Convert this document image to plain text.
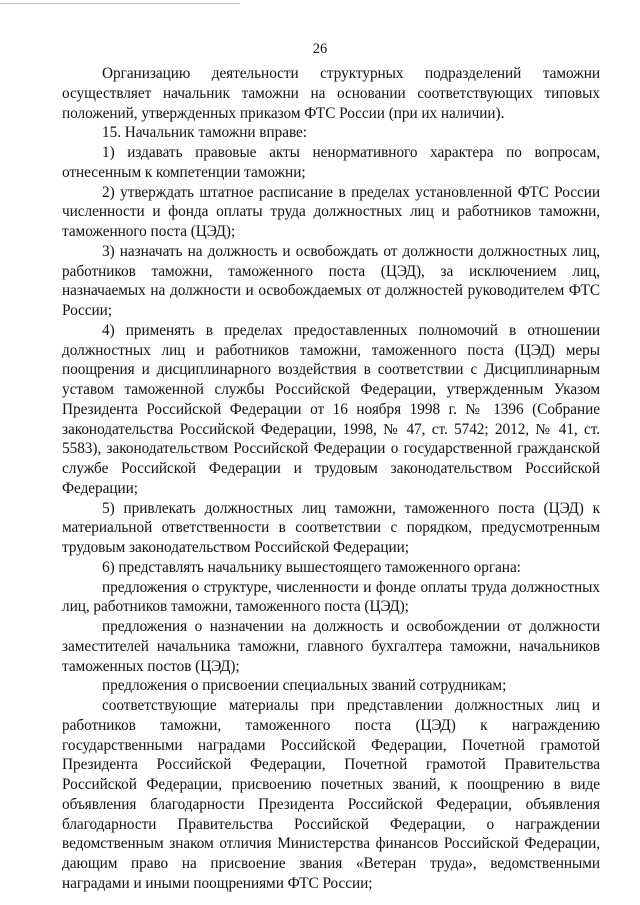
26

Организацию деятельности структурных подразделений таможни осуществляет начальник таможни на основании соответствующих типовых положений, утвержденных приказом ФТС России (при их наличии).

15. Начальник таможни вправе:

1) издавать правовые акты ненормативного характера по вопросам, отнесенным к компетенции таможни;

2) утверждать штатное расписание в пределах установленной ФТС России численности и фонда оплаты труда должностных лиц и работников таможни, таможенного поста (ЦЭД);

3) назначать на должность и освобождать от должности должностных лиц, работников таможни, таможенного поста (ЦЭД), за исключением лиц, назначаемых на должности и освобождаемых от должностей руководителем ФТС России;

4) применять в пределах предоставленных полномочий в отношении должностных лиц и работников таможни, таможенного поста (ЦЭД) меры поощрения и дисциплинарного воздействия в соответствии с Дисциплинарным уставом таможенной службы Российской Федерации, утвержденным Указом Президента Российской Федерации от 16 ноября 1998 г. № 1396 (Собрание законодательства Российской Федерации, 1998, № 47, ст. 5742; 2012, № 41, ст. 5583), законодательством Российской Федерации о государственной гражданской службе Российской Федерации и трудовым законодательством Российской Федерации;

5) привлекать должностных лиц таможни, таможенного поста (ЦЭД) к материальной ответственности в соответствии с порядком, предусмотренным трудовым законодательством Российской Федерации;

6) представлять начальнику вышестоящего таможенного органа:

предложения о структуре, численности и фонде оплаты труда должностных лиц, работников таможни, таможенного поста (ЦЭД);

предложения о назначении на должность и освобождении от должности заместителей начальника таможни, главного бухгалтера таможни, начальников таможенных постов (ЦЭД);

предложения о присвоении специальных званий сотрудникам;

соответствующие материалы при представлении должностных лиц и работников таможни, таможенного поста (ЦЭД) к награждению государственными наградами Российской Федерации, Почетной грамотой Президента Российской Федерации, Почетной грамотой Правительства Российской Федерации, присвоению почетных званий, к поощрению в виде объявления благодарности Президента Российской Федерации, объявления благодарности Правительства Российской Федерации, о награждении ведомственным знаком отличия Министерства финансов Российской Федерации, дающим право на присвоение звания «Ветеран труда», ведомственными наградами и иными поощрениями ФТС России;
